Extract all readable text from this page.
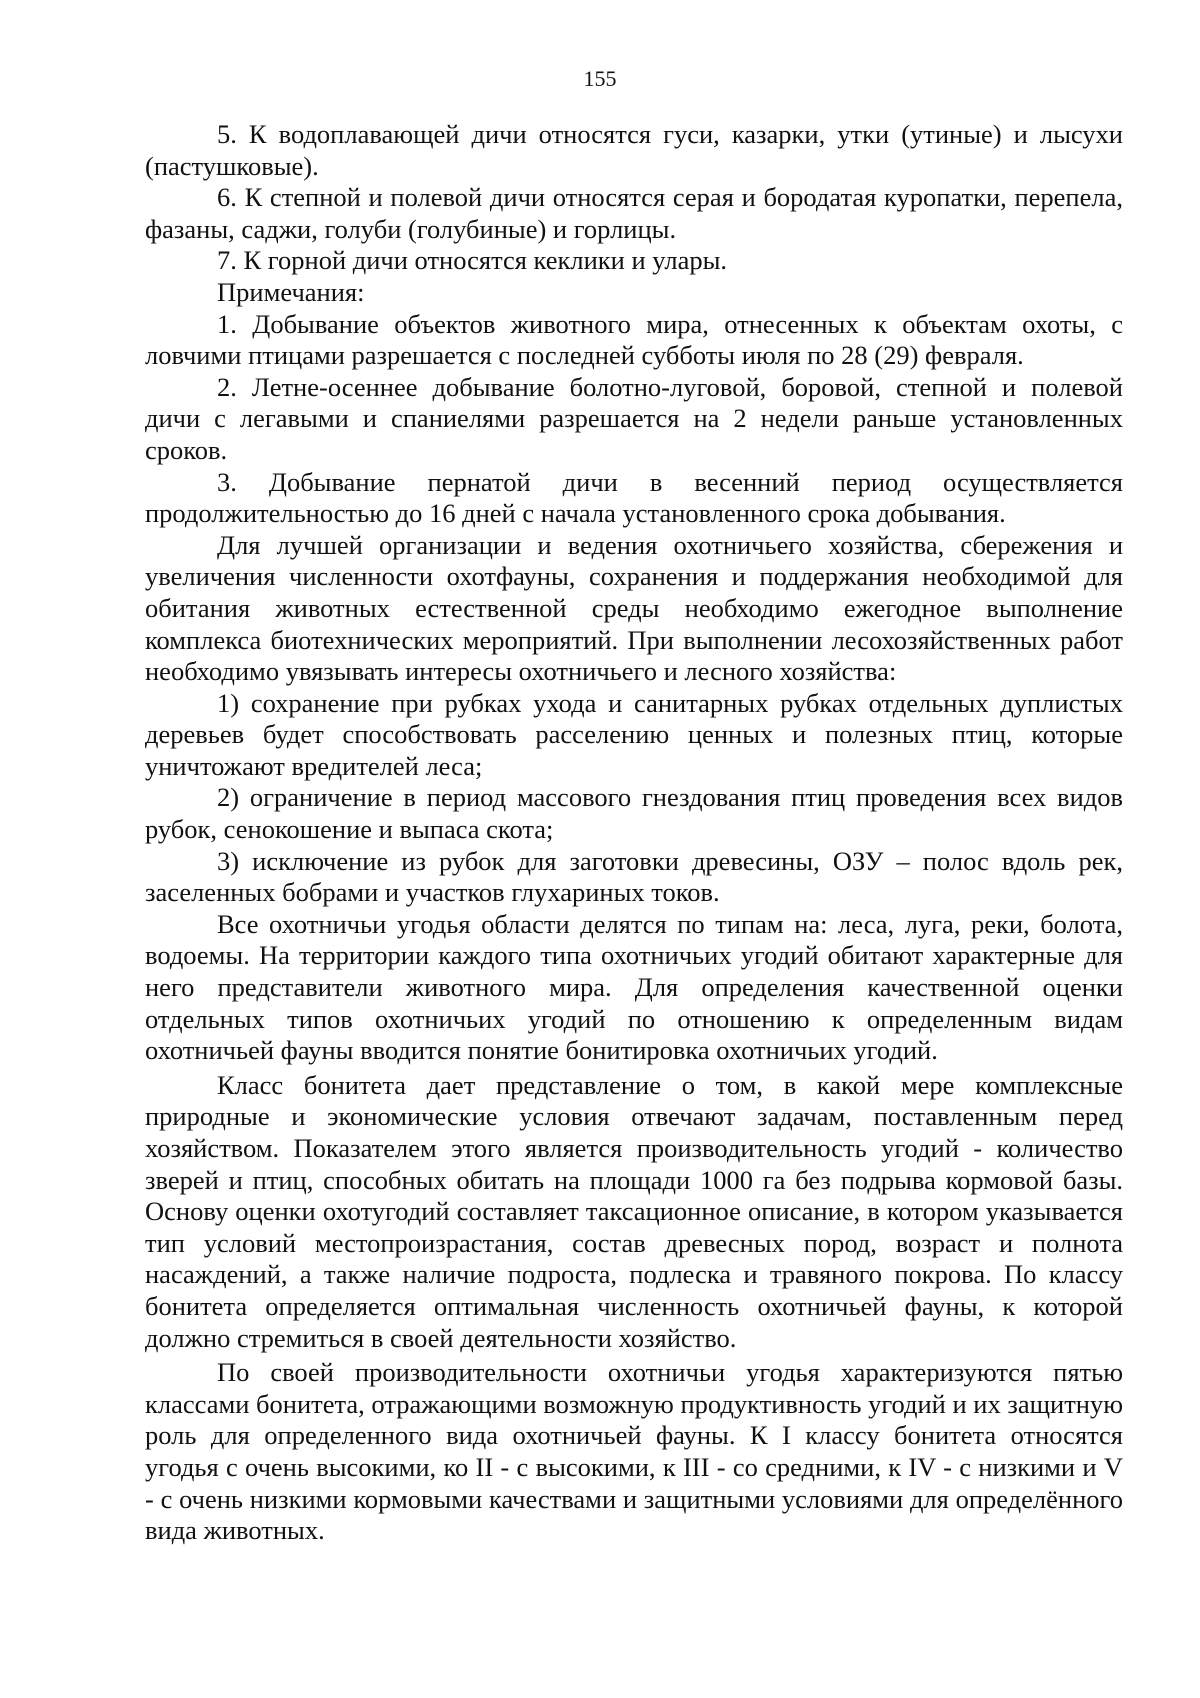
155

5. К водоплавающей дичи относятся гуси, казарки, утки (утиные) и лысухи (пастушковые).

6. К степной и полевой дичи относятся серая и бородатая куропатки, перепела, фазаны, саджи, голуби (голубиные) и горлицы.

7. К горной дичи относятся кеклики и улары.

Примечания:

1. Добывание объектов животного мира, отнесенных к объектам охоты, с ловчими птицами разрешается с последней субботы июля по 28 (29) февраля.

2. Летне-осеннее добывание болотно-луговой, боровой, степной и полевой дичи с легавыми и спаниелями разрешается на 2 недели раньше установленных сроков.

3. Добывание пернатой дичи в весенний период осуществляется продолжительностью до 16 дней с начала установленного срока добывания.

Для лучшей организации и ведения охотничьего хозяйства, сбережения и увеличения численности охотфауны, сохранения и поддержания необходимой для обитания животных естественной среды необходимо ежегодное выполнение комплекса биотехнических мероприятий. При выполнении лесохозяйственных работ необходимо увязывать интересы охотничьего и лесного хозяйства:

1) сохранение при рубках ухода и санитарных рубках отдельных дуплистых деревьев будет способствовать расселению ценных и полезных птиц, которые уничтожают вредителей леса;

2) ограничение в период массового гнездования птиц проведения всех видов рубок, сенокошение и выпаса скота;

3) исключение из рубок для заготовки древесины, ОЗУ – полос вдоль рек, заселенных бобрами и участков глухариных токов.

Все охотничьи угодья области делятся по типам на: леса, луга, реки, болота, водоемы. На территории каждого типа охотничьих угодий обитают характерные для него представители животного мира. Для определения качественной оценки отдельных типов охотничьих угодий по отношению к определенным видам охотничьей фауны вводится понятие бонитировка охотничьих угодий.

Класс бонитета дает представление о том, в какой мере комплексные природные и экономические условия отвечают задачам, поставленным перед хозяйством. Показателем этого является производительность угодий - количество зверей и птиц, способных обитать на площади 1000 га без подрыва кормовой базы. Основу оценки охотугодий составляет таксационное описание, в котором указывается тип условий местопроизрастания, состав древесных пород, возраст и полнота насаждений, а также наличие подроста, подлеска и травяного покрова. По классу бонитета определяется оптимальная численность охотничьей фауны, к которой должно стремиться в своей деятельности хозяйство.

По своей производительности охотничьи угодья характеризуются пятью классами бонитета, отражающими возможную продуктивность угодий и их защитную роль для определенного вида охотничьей фауны. К I классу бонитета относятся угодья с очень высокими, ко II - с высокими, к III - со средними, к IV - с низкими и V - с очень низкими кормовыми качествами и защитными условиями для определённого вида животных.
